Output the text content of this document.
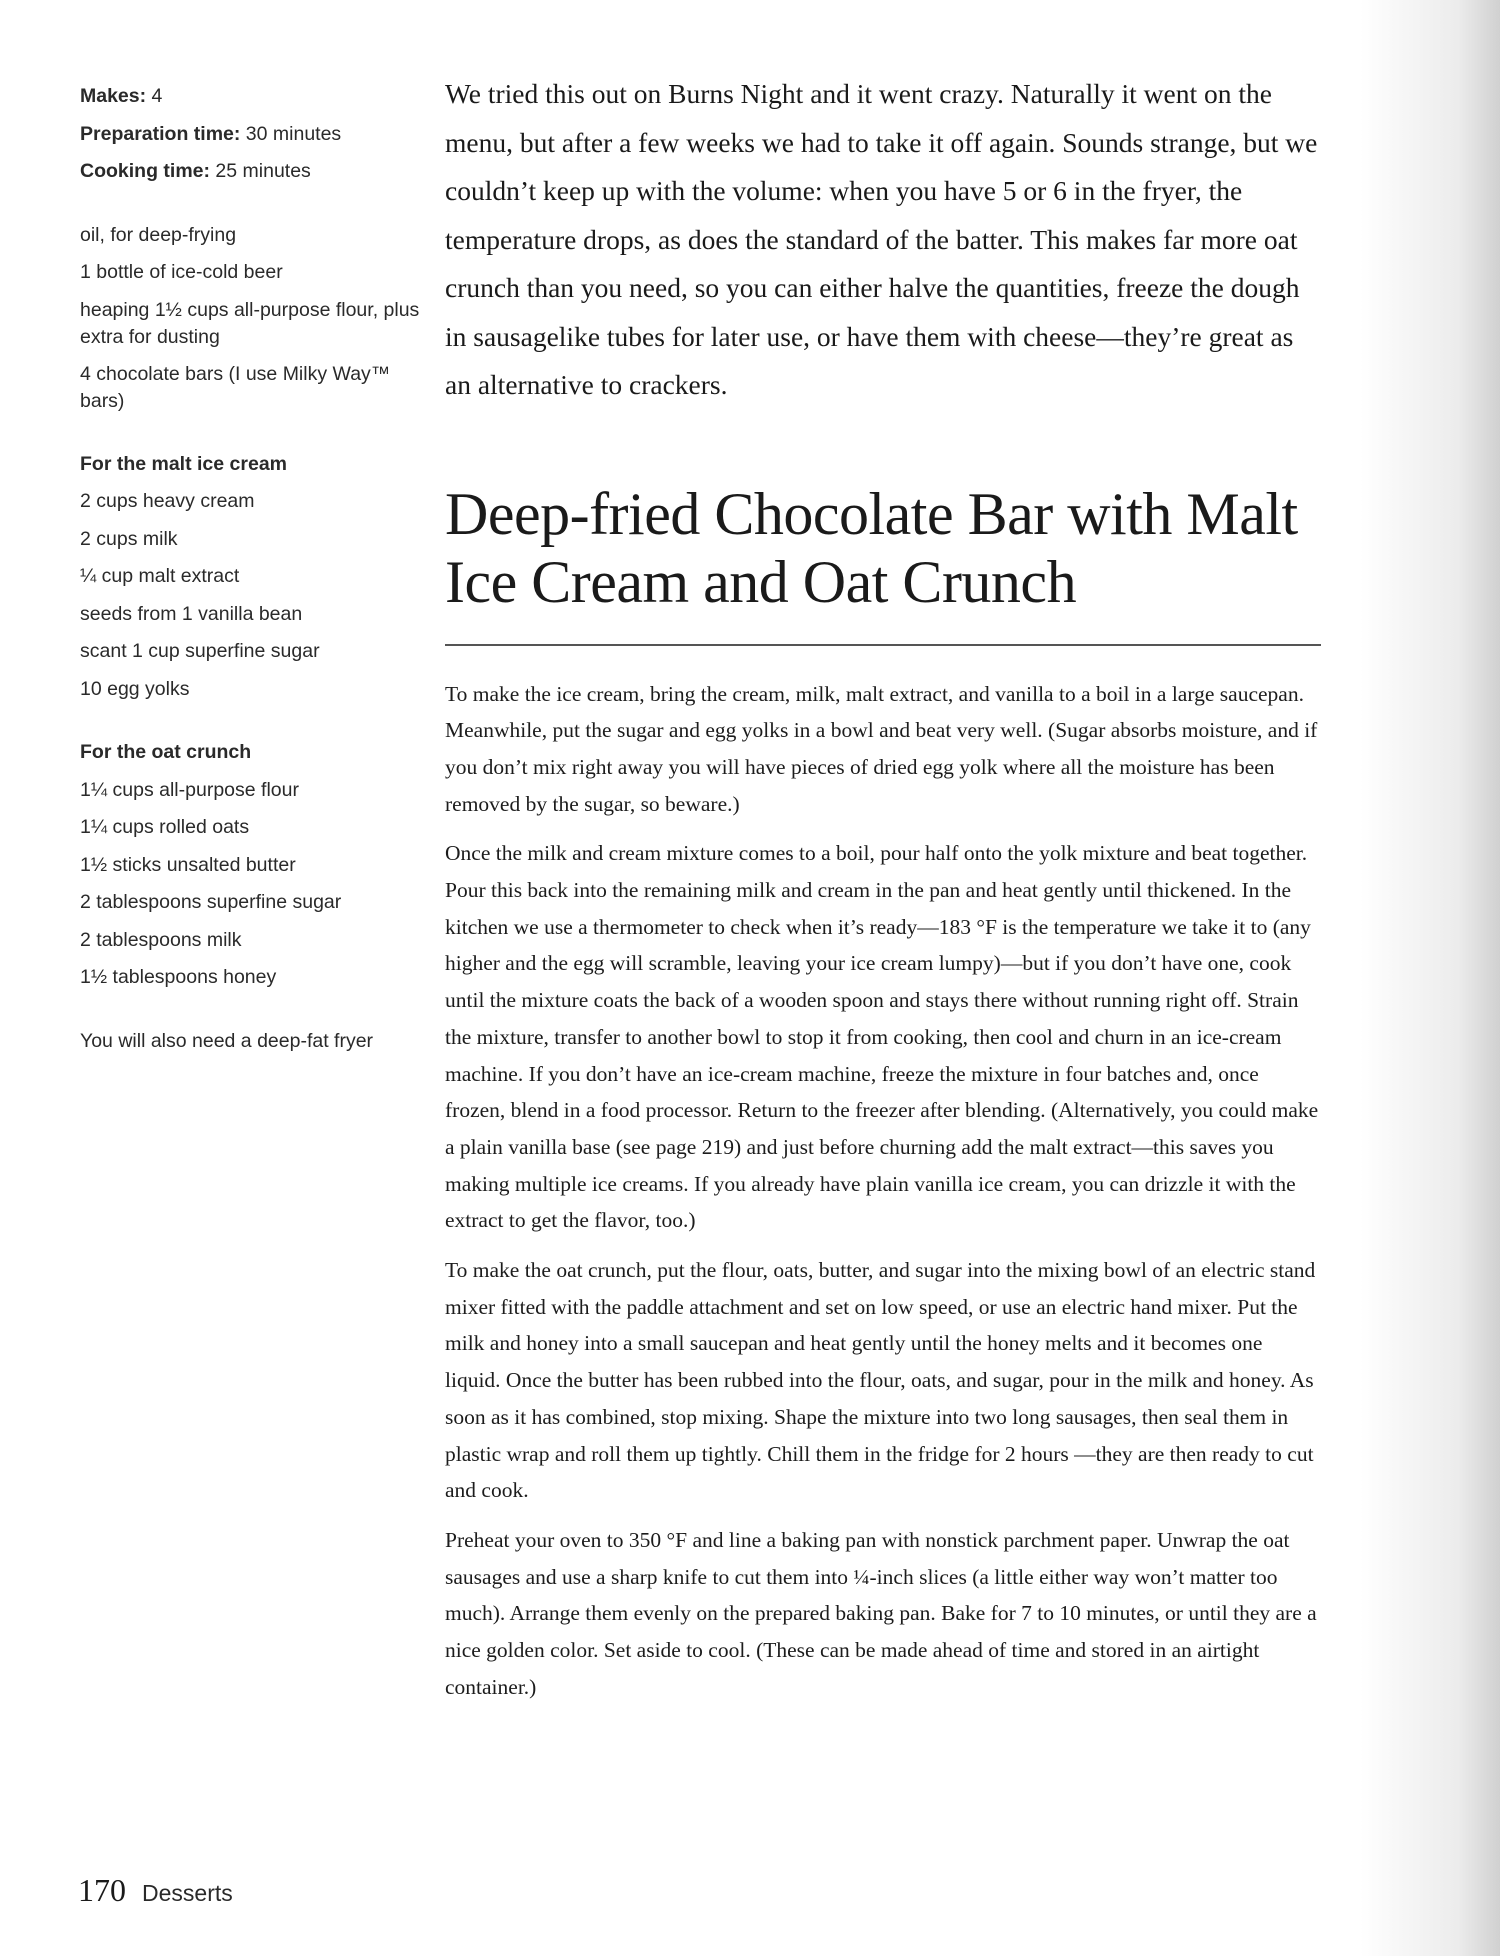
Makes: 4
Preparation time: 30 minutes
Cooking time: 25 minutes
oil, for deep-frying
1 bottle of ice-cold beer
heaping 1½ cups all-purpose flour, plus extra for dusting
4 chocolate bars (I use Milky Way™ bars)
For the malt ice cream
2 cups heavy cream
2 cups milk
¼ cup malt extract
seeds from 1 vanilla bean
scant 1 cup superfine sugar
10 egg yolks
For the oat crunch
1¼ cups all-purpose flour
1¼ cups rolled oats
1½ sticks unsalted butter
2 tablespoons superfine sugar
2 tablespoons milk
1½ tablespoons honey
You will also need a deep-fat fryer

We tried this out on Burns Night and it went crazy. Naturally it went on the menu, but after a few weeks we had to take it off again. Sounds strange, but we couldn’t keep up with the volume: when you have 5 or 6 in the fryer, the temperature drops, as does the standard of the batter. This makes far more oat crunch than you need, so you can either halve the quantities, freeze the dough in sausagelike tubes for later use, or have them with cheese—they’re great as an alternative to crackers.

Deep-fried Chocolate Bar with Malt Ice Cream and Oat Crunch

To make the ice cream, bring the cream, milk, malt extract, and vanilla to a boil in a large saucepan. Meanwhile, put the sugar and egg yolks in a bowl and beat very well. (Sugar absorbs moisture, and if you don’t mix right away you will have pieces of dried egg yolk where all the moisture has been removed by the sugar, so beware.)

Once the milk and cream mixture comes to a boil, pour half onto the yolk mixture and beat together. Pour this back into the remaining milk and cream in the pan and heat gently until thickened. In the kitchen we use a thermometer to check when it’s ready—183 °F is the temperature we take it to (any higher and the egg will scramble, leaving your ice cream lumpy)—but if you don’t have one, cook until the mixture coats the back of a wooden spoon and stays there without running right off. Strain the mixture, transfer to another bowl to stop it from cooking, then cool and churn in an ice-cream machine. If you don’t have an ice-cream machine, freeze the mixture in four batches and, once frozen, blend in a food processor. Return to the freezer after blending. (Alternatively, you could make a plain vanilla base (see page 219) and just before churning add the malt extract—this saves you making multiple ice creams. If you already have plain vanilla ice cream, you can drizzle it with the extract to get the flavor, too.)

To make the oat crunch, put the flour, oats, butter, and sugar into the mixing bowl of an electric stand mixer fitted with the paddle attachment and set on low speed, or use an electric hand mixer. Put the milk and honey into a small saucepan and heat gently until the honey melts and it becomes one liquid. Once the butter has been rubbed into the flour, oats, and sugar, pour in the milk and honey. As soon as it has combined, stop mixing. Shape the mixture into two long sausages, then seal them in plastic wrap and roll them up tightly. Chill them in the fridge for 2 hours —they are then ready to cut and cook.

Preheat your oven to 350 °F and line a baking pan with nonstick parchment paper. Unwrap the oat sausages and use a sharp knife to cut them into ¼-inch slices (a little either way won’t matter too much). Arrange them evenly on the prepared baking pan. Bake for 7 to 10 minutes, or until they are a nice golden color. Set aside to cool. (These can be made ahead of time and stored in an airtight container.)

170 Desserts
